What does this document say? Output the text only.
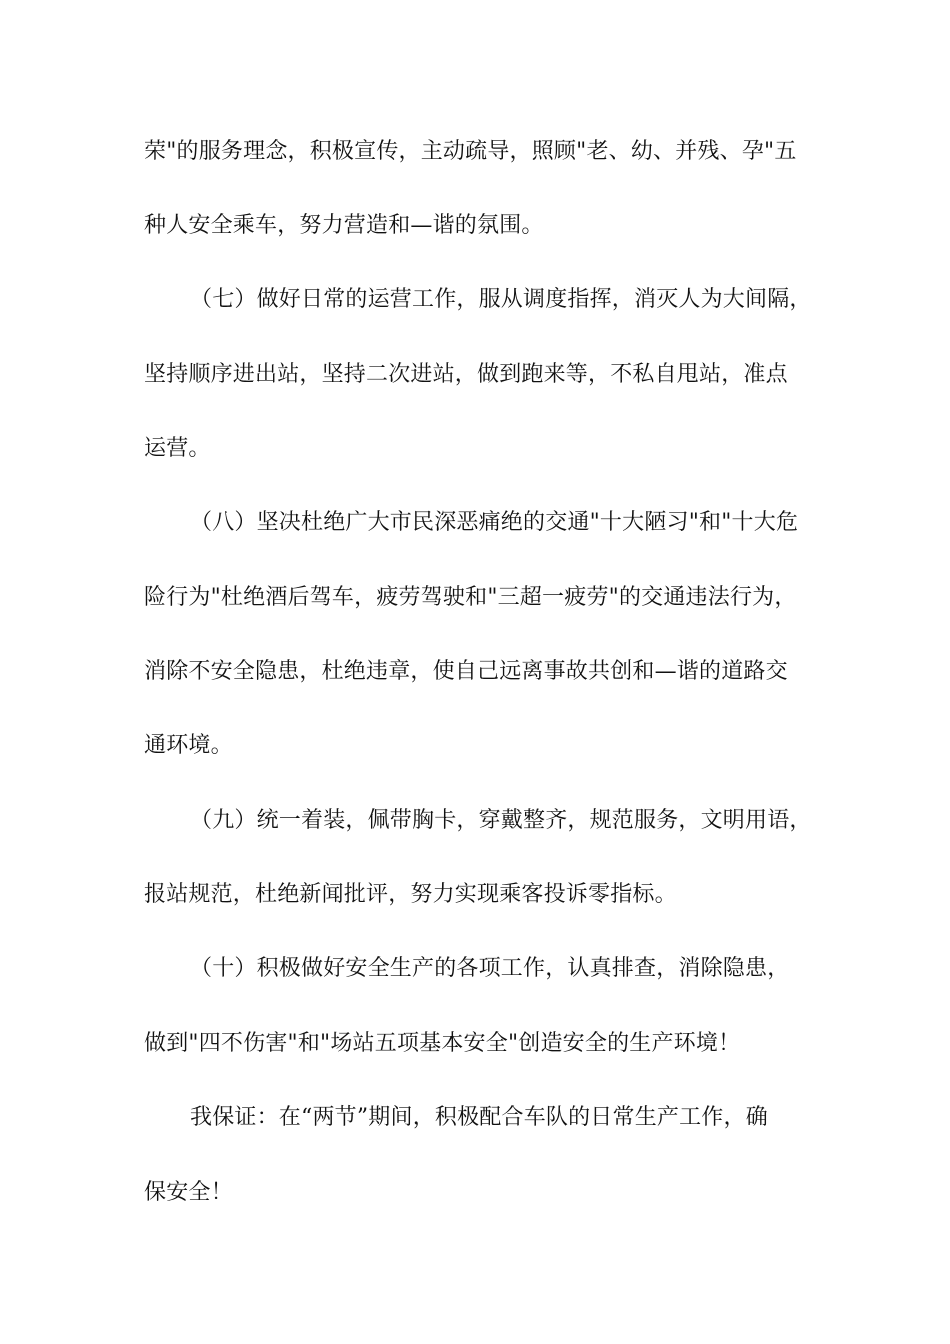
荣"的服务理念，积极宣传，主动疏导，照顾"老、幼、并残、孕"五
种人安全乘车，努力营造和—谐的氛围。
（七）做好日常的运营工作，服从调度指挥，消灭人为大间隔，
坚持顺序进出站，坚持二次进站，做到跑来等，不私自甩站，准点
运营。
（八）坚决杜绝广大市民深恶痛绝的交通"十大陋习"和"十大危
险行为"杜绝酒后驾车，疲劳驾驶和"三超一疲劳"的交通违法行为，
消除不安全隐患，杜绝违章，使自己远离事故共创和—谐的道路交
通环境。
（九）统一着装，佩带胸卡，穿戴整齐，规范服务，文明用语，
报站规范，杜绝新闻批评，努力实现乘客投诉零指标。
（十）积极做好安全生产的各项工作，认真排查，消除隐患，
做到"四不伤害"和"场站五项基本安全"创造安全的生产环境！
我保证：在“两节”期间，积极配合车队的日常生产工作，确
保安全！
